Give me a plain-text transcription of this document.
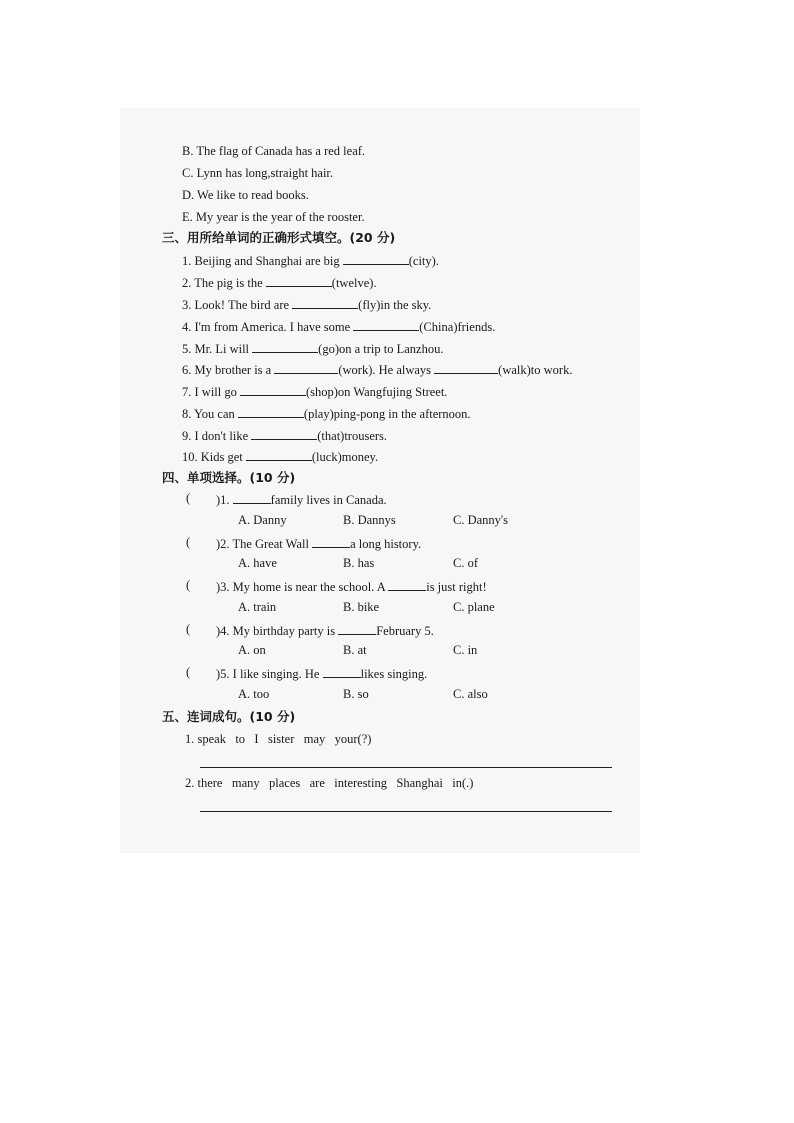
B. The flag of Canada has a red leaf.
C. Lynn has long,straight hair.
D. We like to read books.
E. My year is the year of the rooster.
三、用所给单词的正确形式填空。(20 分)
1. Beijing and Shanghai are big	(city).
2. The pig is the	(twelve).
3. Look! The bird are	(fly)in the sky.
4. I'm from America. I have some	(China)friends.
5. Mr. Li will	(go)on a trip to Lanzhou.
6. My brother is a	(work). He always	(walk)to work.
7. I will go	(shop)on Wangfujing Street.
8. You can	(play)ping-pong in the afternoon.
9. I don't like	(that)trousers.
10. Kids get	(luck)money.
四、单项选择。(10 分)
( )1.	family lives in Canada.
A. Danny	B. Dannys	C. Danny's
( )2. The Great Wall	a long history.
A. have	B. has	C. of
( )3. My home is near the school. A	is just right!
A. train	B. bike	C. plane
( )4. My birthday party is	February 5.
A. on	B. at	C. in
( )5. I like singing. He	likes singing.
A. too	B. so	C. also
五、连词成句。(10 分)
1. speak   to   I   sister   may   your(?)
2. there   many   places   are   interesting   Shanghai   in(.)
